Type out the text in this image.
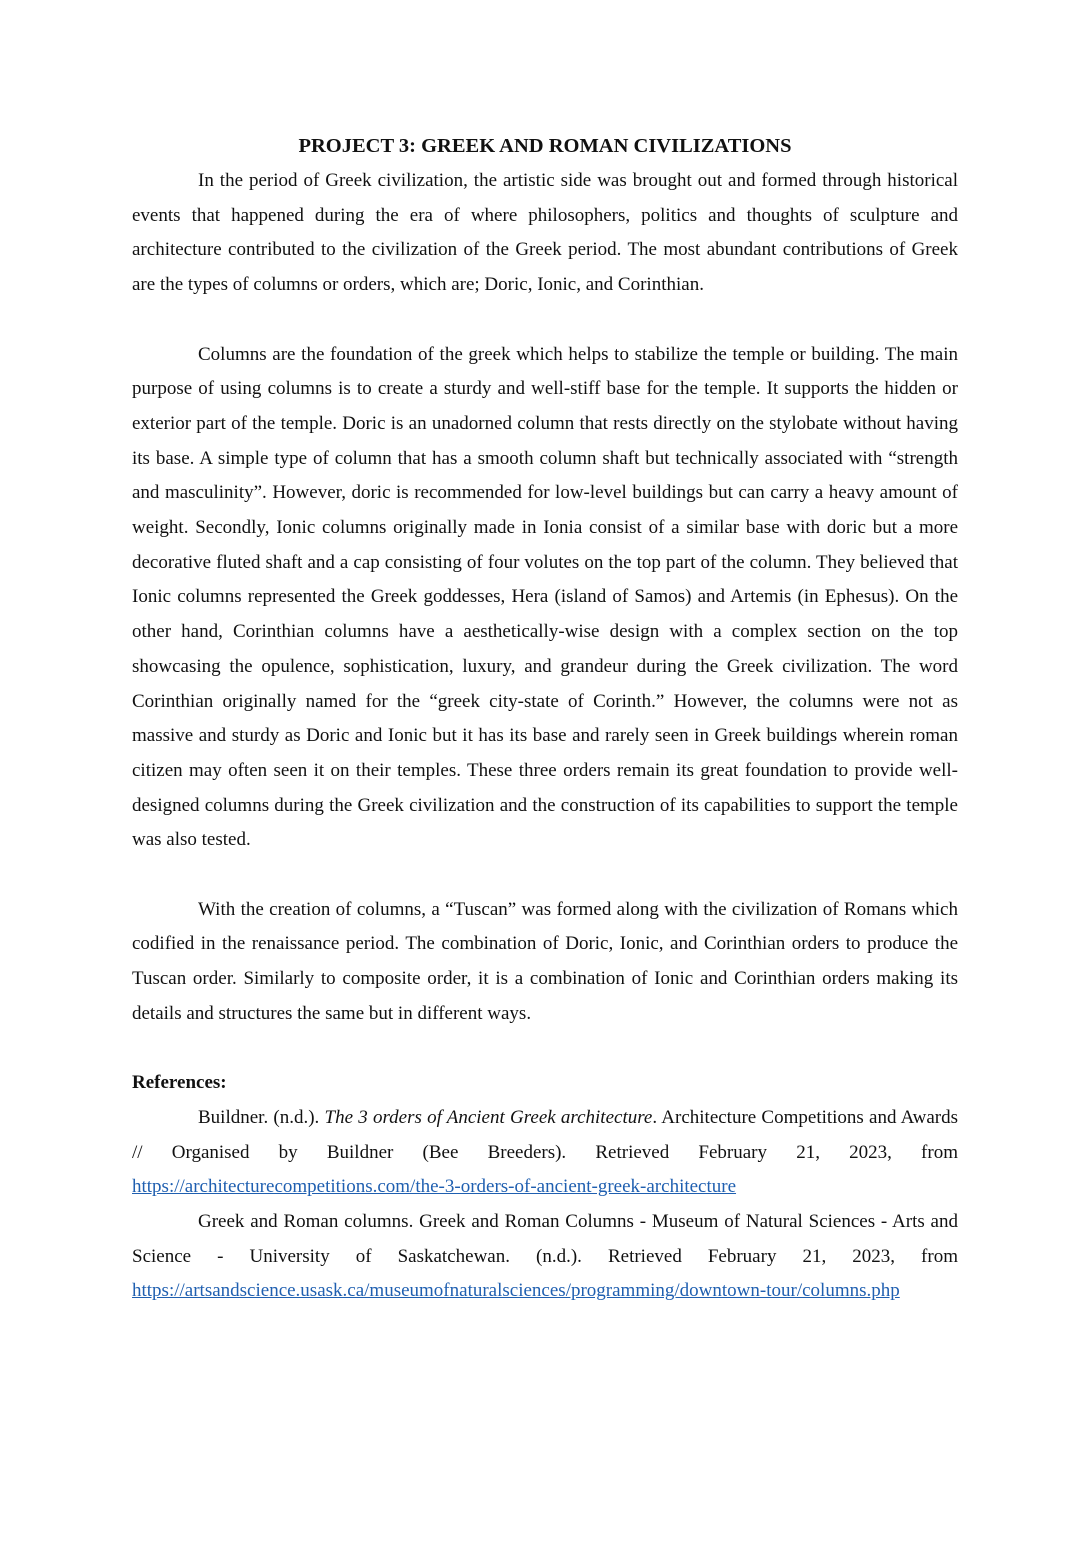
PROJECT 3: GREEK AND ROMAN CIVILIZATIONS

In the period of Greek civilization, the artistic side was brought out and formed through historical events that happened during the era of where philosophers, politics and thoughts of sculpture and architecture contributed to the civilization of the Greek period. The most abundant contributions of Greek are the types of columns or orders, which are; Doric, Ionic, and Corinthian.

Columns are the foundation of the greek which helps to stabilize the temple or building. The main purpose of using columns is to create a sturdy and well-stiff base for the temple. It supports the hidden or exterior part of the temple. Doric is an unadorned column that rests directly on the stylobate without having its base. A simple type of column that has a smooth column shaft but technically associated with “strength and masculinity”. However, doric is recommended for low-level buildings but can carry a heavy amount of weight. Secondly, Ionic columns originally made in Ionia consist of a similar base with doric but a more decorative fluted shaft and a cap consisting of four volutes on the top part of the column. They believed that Ionic columns represented the Greek goddesses, Hera (island of Samos) and Artemis (in Ephesus). On the other hand, Corinthian columns have a aesthetically-wise design with a complex section on the top showcasing the opulence, sophistication, luxury, and grandeur during the Greek civilization. The word Corinthian originally named for the “greek city-state of Corinth.” However, the columns were not as massive and sturdy as Doric and Ionic but it has its base and rarely seen in Greek buildings wherein roman citizen may often seen it on their temples. These three orders remain its great foundation to provide well-designed columns during the Greek civilization and the construction of its capabilities to support the temple was also tested.

With the creation of columns, a “Tuscan” was formed along with the civilization of Romans which codified in the renaissance period. The combination of Doric, Ionic, and Corinthian orders to produce the Tuscan order. Similarly to composite order, it is a combination of Ionic and Corinthian orders making its details and structures the same but in different ways.

References:

Buildner. (n.d.). The 3 orders of Ancient Greek architecture. Architecture Competitions and Awards // Organised by Buildner (Bee Breeders). Retrieved February 21, 2023, from https://architecturecompetitions.com/the-3-orders-of-ancient-greek-architecture

Greek and Roman columns. Greek and Roman Columns - Museum of Natural Sciences - Arts and Science - University of Saskatchewan. (n.d.). Retrieved February 21, 2023, from https://artsandscience.usask.ca/museumofnaturalsciences/programming/downtown-tour/columns.php
